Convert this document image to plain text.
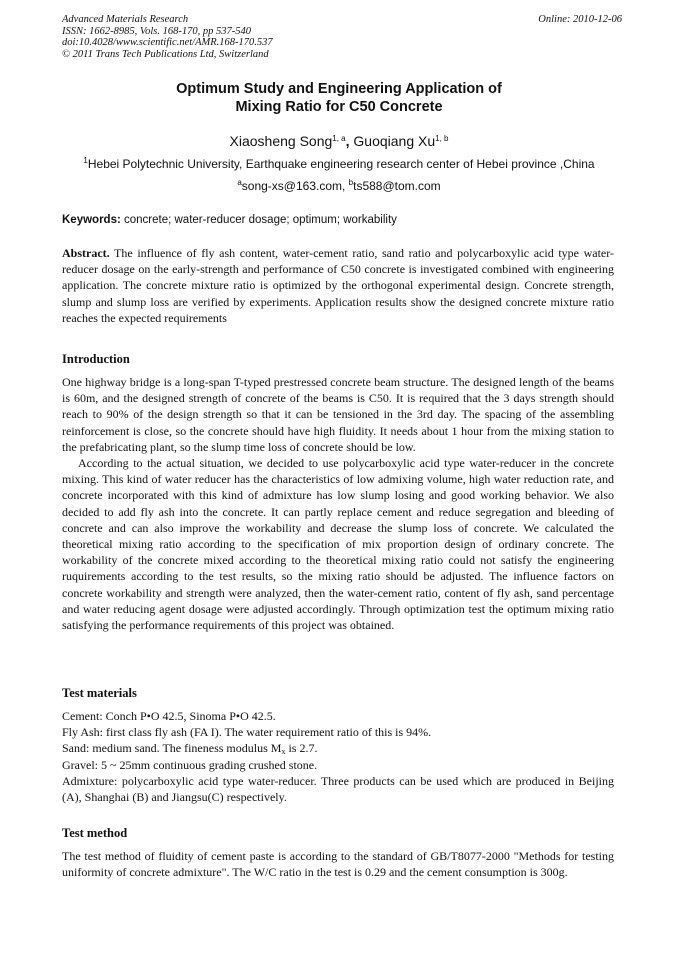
Advanced Materials Research
ISSN: 1662-8985, Vols. 168-170, pp 537-540
doi:10.4028/www.scientific.net/AMR.168-170.537
© 2011 Trans Tech Publications Ltd, Switzerland
Online: 2010-12-06
Optimum Study and Engineering Application of
Mixing Ratio for C50 Concrete
Xiaosheng Song$^{1, a}$, Guoqiang Xu$^{1, b}$
$^1$Hebei Polytechnic University, Earthquake engineering research center of Hebei province ,China
$^a$song-xs@163.com, $^b$ts588@tom.com
Keywords: concrete; water-reducer dosage; optimum; workability

Abstract. The influence of fly ash content, water-cement ratio, sand ratio and polycarboxylic acid type water-reducer dosage on the early-strength and performance of C50 concrete is investigated combined with engineering application. The concrete mixture ratio is optimized by the orthogonal experimental design. Concrete strength, slump and slump loss are verified by experiments. Application results show the designed concrete mixture ratio reaches the expected requirements

Introduction

One highway bridge is a long-span T-typed prestressed concrete beam structure. The designed length of the beams is 60m, and the designed strength of concrete of the beams is C50. It is required that the 3 days strength should reach to 90% of the design strength so that it can be tensioned in the 3rd day. The spacing of the assembling reinforcement is close, so the concrete should have high fluidity. It needs about 1 hour from the mixing station to the prefabricating plant, so the slump time loss of concrete should be low.

According to the actual situation, we decided to use polycarboxylic acid type water-reducer in the concrete mixing. This kind of water reducer has the characteristics of low admixing volume, high water reduction rate, and concrete incorporated with this kind of admixture has low slump losing and good working behavior. We also decided to add fly ash into the concrete. It can partly replace cement and reduce segregation and bleeding of concrete and can also improve the workability and decrease the slump loss of concrete. We calculated the theoretical mixing ratio according to the specification of mix proportion design of ordinary concrete. The workability of the concrete mixed according to the theoretical mixing ratio could not satisfy the engineering ruquirements according to the test results, so the mixing ratio should be adjusted. The influence factors on concrete workability and strength were analyzed, then the water-cement ratio, content of fly ash, sand percentage and water reducing agent dosage were adjusted accordingly. Through optimization test the optimum mixing ratio satisfying the performance requirements of this project was obtained.

Test materials
Cement: Conch P•O 42.5, Sinoma P•O 42.5.
Fly Ash: first class fly ash (FA I). The water requirement ratio of this is 94%.
Sand: medium sand. The fineness modulus $M_x$ is 2.7.
Gravel: 5 ~ 25mm continuous grading crushed stone.
Admixture: polycarboxylic acid type water-reducer. Three products can be used which are produced in Beijing (A), Shanghai (B) and Jiangsu(C) respectively.
Test method

The test method of fluidity of cement paste is according to the standard of GB/T8077-2000 "Methods for testing uniformity of concrete admixture". The W/C ratio in the test is 0.29 and the cement consumption is 300g.
